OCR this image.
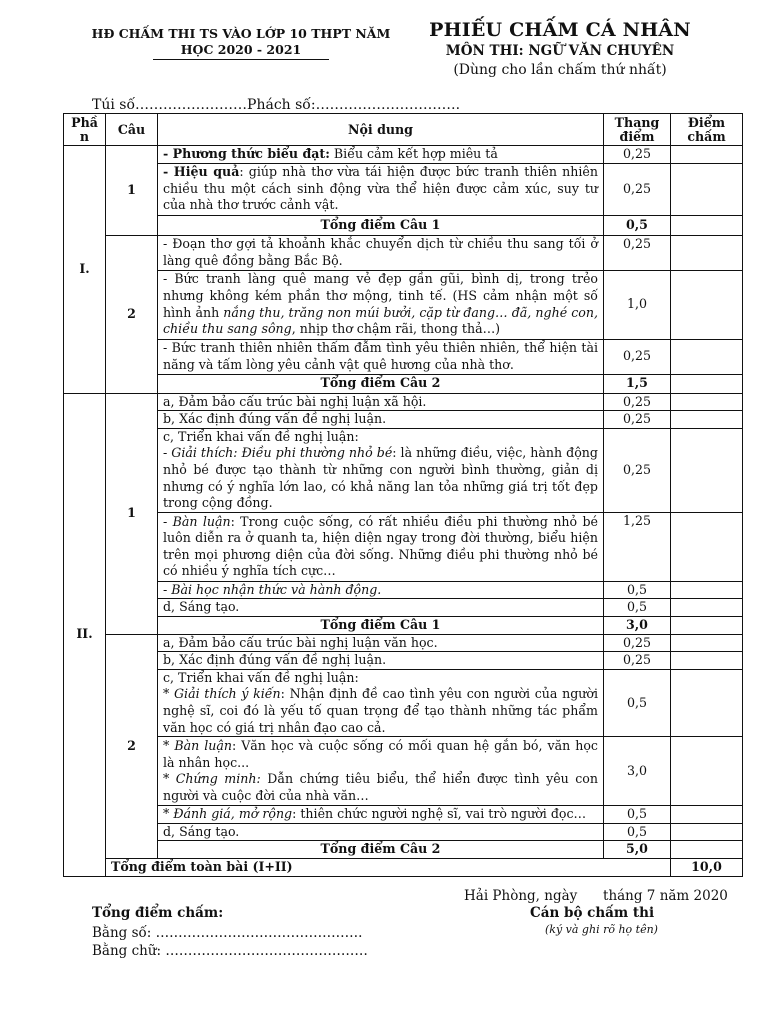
HĐ CHẤM THI TS VÀO LỚP 10 THPT NĂM
HỌC 2020 - 2021
PHIẾU CHẤM CÁ NHÂN
MÔN THI: NGỮ VĂN CHUYÊN
(Dùng cho lần chấm thứ nhất)
Túi số……………………Phách số:………………………….
Phầ n	Câu	Nội dung	Thang điểm	Điểm chấm	
I.	1	- Phương thức biểu đạt: Biểu cảm kết hợp miêu tả	0,25		
		- Hiệu quả: giúp nhà thơ vừa tái hiện được bức tranh thiên nhiên chiều thu một cách sinh động vừa thể hiện được cảm xúc, suy tư của nhà thơ trước cảnh vật.	0,25		
		Tổng điểm Câu 1	0,5		
	2	- Đoạn thơ gợi tả khoảnh khắc chuyển dịch từ chiều thu sang tối ở làng quê đồng bằng Bắc Bộ.	0,25		
		- Bức tranh làng quê mang vẻ đẹp gần gũi, bình dị, trong trẻo nhưng không kém phần thơ mộng, tinh tế. (HS cảm nhận một số hình ảnh nắng thu, trăng non múi bưởi, cặp từ đang… đã, nghé con, chiều thu sang sông, nhịp thơ chậm rãi, thong thả…)	1,0		
		- Bức tranh thiên nhiên thấm đẫm tình yêu thiên nhiên, thể hiện tài năng và tấm lòng yêu cảnh vật quê hương của nhà thơ.	0,25		
		Tổng điểm Câu 2	1,5		
II.	1	a, Đảm bảo cấu trúc bài nghị luận xã hội.	0,25		
		b, Xác định đúng vấn đề nghị luận.	0,25		

		c, Triển khai vấn đề nghị luận:
- Giải thích: Điều phi thường nhỏ bé: là những điều, việc, hành động nhỏ bé được tạo thành từ những con người bình thường, giản dị nhưng có ý nghĩa lớn lao, có khả năng lan tỏa những giá trị tốt đẹp trong cộng đồng.	0,25		
		- Bàn luận: Trong cuộc sống, có rất nhiều điều phi thường nhỏ bé luôn diễn ra ở quanh ta, hiện diện ngay trong đời thường, biểu hiện trên mọi phương diện của đời sống. Những điều phi thường nhỏ bé có nhiều ý nghĩa tích cực…	1,25		
		- Bài học nhận thức và hành động.	0,5		
		d, Sáng tạo.	0,5		
		Tổng điểm Câu 1	3,0		
	2	a, Đảm bảo cấu trúc bài nghị luận văn học.	0,25		
		b, Xác định đúng vấn đề nghị luận.	0,25		

		c, Triển khai vấn đề nghị luận:
* Giải thích ý kiến: Nhận định đề cao tình yêu con người của người nghệ sĩ, coi đó là yếu tố quan trọng để tạo thành những tác phẩm văn học có giá trị nhân đạo cao cả.	0,5		

		* Bàn luận: Văn học và cuộc sống có mối quan hệ gắn bó, văn học là nhân học...
* Chứng minh: Dẫn chứng tiêu biểu, thể hiển được tình yêu con người và cuộc đời của nhà văn…	3,0		
		* Đánh giá, mở rộng: thiên chức người nghệ sĩ, vai trò người đọc…	0,5		
		d, Sáng tạo.	0,5		
		Tổng điểm Câu 2	5,0		
	Tổng điểm toàn bài (I+II)			10,0	
Hải Phòng, ngày      tháng 7 năm 2020
Tổng điểm chấm:	Cán bộ chấm thi
(ký và ghi rõ họ tên)
Bằng số: ……………………………………….
Bằng chữ: ………………………………………
